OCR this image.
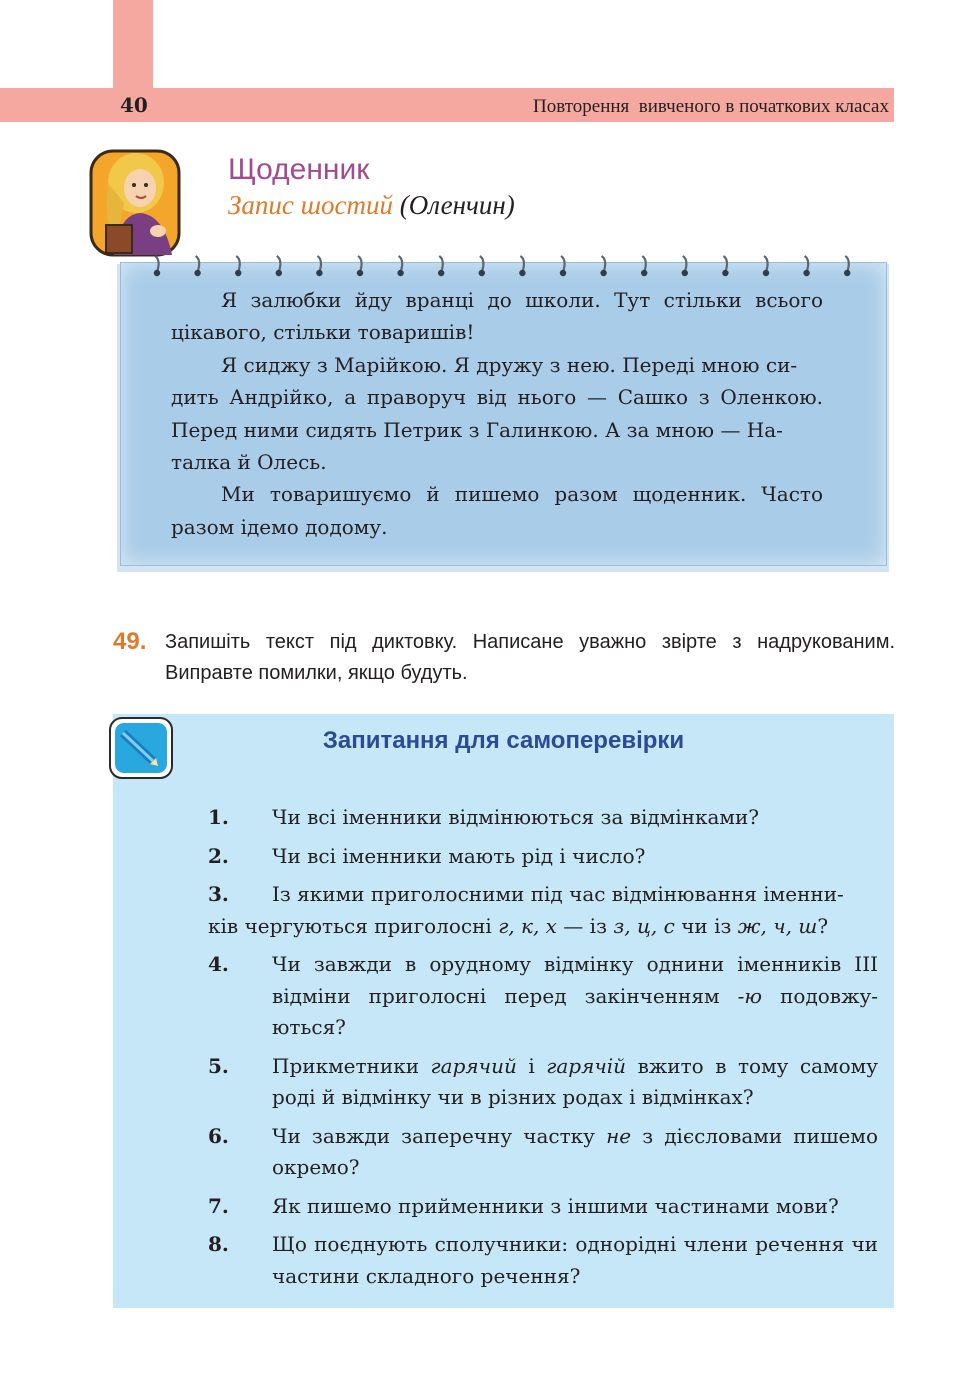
40	Повторення  вивченого в початкових класах
Щоденник
Запис шостий (Оленчин)

Я залюбки йду вранці до школи. Тут стільки всього цікавого, стільки товаришів!

Я сиджу з Марійкою. Я дружу з нею. Переді мною си-

дить Андрійко, а праворуч від нього — Сашко з Оленкою. Перед ними сидять Петрик з Галинкою. А за мною — На-

талка й Олесь.

Ми товаришуємо й пишемо разом щоденник. Часто разом ідемо додому.

49. Запишіть текст під диктовку. Написане уважно звірте з надрукованим. Виправте помилки, якщо будуть.
Запитання для самоперевірки
1.	Чи всі іменники відмінюються за відмінками?
2.	Чи всі іменники мають рід і число?
3. Із якими приголосними під час відмінювання іменни-
ків чергуються приголосні г, к, х — із з, ц, с чи із ж, ч, ш?
4.	Чи завжди в орудному відмінку однини іменників ІІІ відміни приголосні перед закінченням -ю подовжу-ються?
5.	Прикметники гарячий і гарячій вжито в тому самому роді й відмінку чи в різних родах і відмінках?
6.	Чи завжди заперечну частку не з дієсловами пишемо окремо?
7.	Як пишемо прийменники з іншими частинами мови?
8.	Що поєднують сполучники: однорідні члени речення чи частини складного речення?
